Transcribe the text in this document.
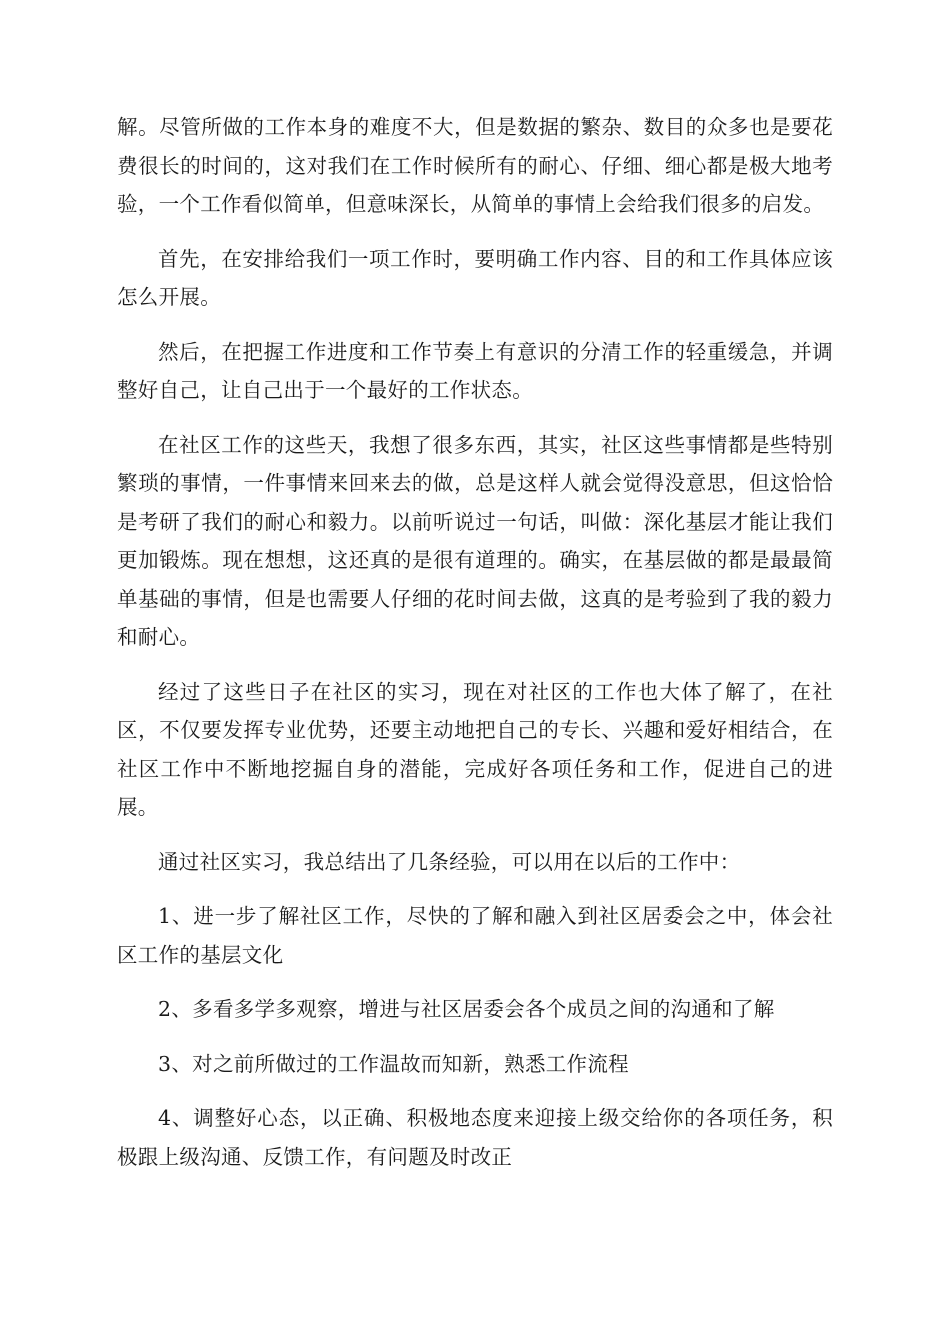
解。尽管所做的工作本身的难度不大，但是数据的繁杂、数目的众多也是要花费很长的时间的，这对我们在工作时候所有的耐心、仔细、细心都是极大地考验，一个工作看似简单，但意味深长，从简单的事情上会给我们很多的启发。

首先，在安排给我们一项工作时，要明确工作内容、目的和工作具体应该怎么开展。

然后，在把握工作进度和工作节奏上有意识的分清工作的轻重缓急，并调整好自己，让自己出于一个最好的工作状态。

在社区工作的这些天，我想了很多东西，其实，社区这些事情都是些特别繁琐的事情，一件事情来回来去的做，总是这样人就会觉得没意思，但这恰恰是考研了我们的耐心和毅力。以前听说过一句话，叫做：深化基层才能让我们更加锻炼。现在想想，这还真的是很有道理的。确实，在基层做的都是最最简单基础的事情，但是也需要人仔细的花时间去做，这真的是考验到了我的毅力和耐心。

经过了这些日子在社区的实习，现在对社区的工作也大体了解了，在社区，不仅要发挥专业优势，还要主动地把自己的专长、兴趣和爱好相结合，在社区工作中不断地挖掘自身的潜能，完成好各项任务和工作，促进自己的进展。

通过社区实习，我总结出了几条经验，可以用在以后的工作中：

1、进一步了解社区工作，尽快的了解和融入到社区居委会之中，体会社区工作的基层文化

2、多看多学多观察，增进与社区居委会各个成员之间的沟通和了解

3、对之前所做过的工作温故而知新，熟悉工作流程

4、调整好心态，以正确、积极地态度来迎接上级交给你的各项任务，积极跟上级沟通、反馈工作，有问题及时改正
